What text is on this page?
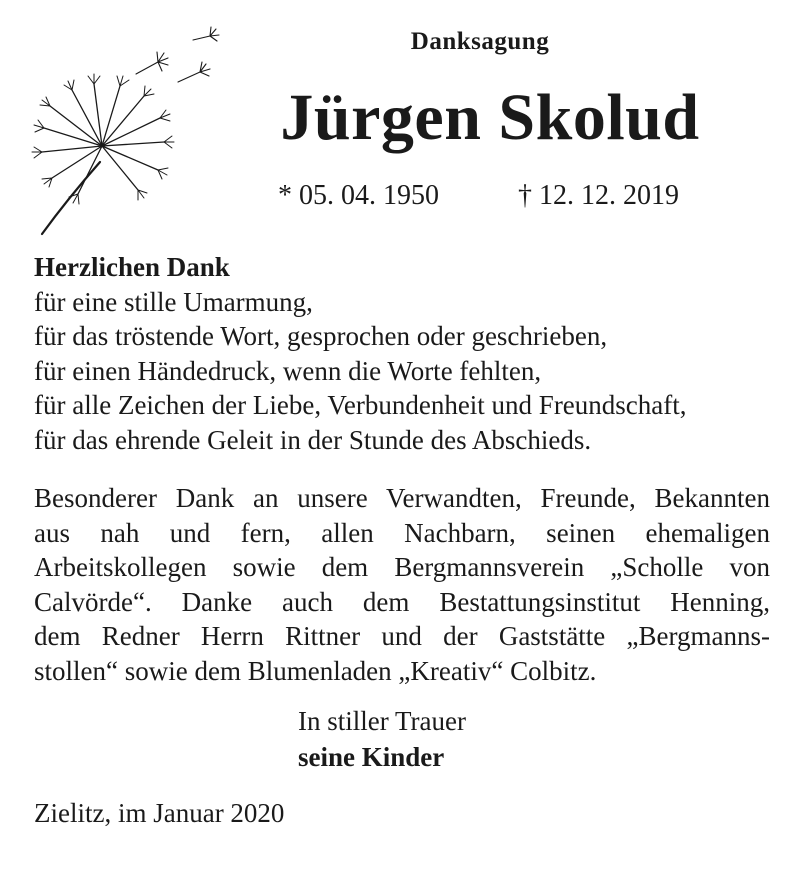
Danksagung
Jürgen Skolud
* 05. 04. 1950	† 12. 12. 2019
Herzlichen Dank
für eine stille Umarmung,
für das tröstende Wort, gesprochen oder geschrieben,
für einen Händedruck, wenn die Worte fehlten,
für alle Zeichen der Liebe, Verbundenheit und Freundschaft,
für das ehrende Geleit in der Stunde des Abschieds.
Besonderer Dank an unsere Verwandten, Freunde, Bekannten
aus nah und fern, allen Nachbarn, seinen ehemaligen
Arbeitskollegen sowie dem Bergmannsverein „Scholle von
Calvörde“. Danke auch dem Bestattungsinstitut Henning,
dem Redner Herrn Rittner und der Gaststätte „Bergmanns-
stollen“ sowie dem Blumenladen „Kreativ“ Colbitz.
In stiller Trauer
seine Kinder
Zielitz, im Januar 2020
